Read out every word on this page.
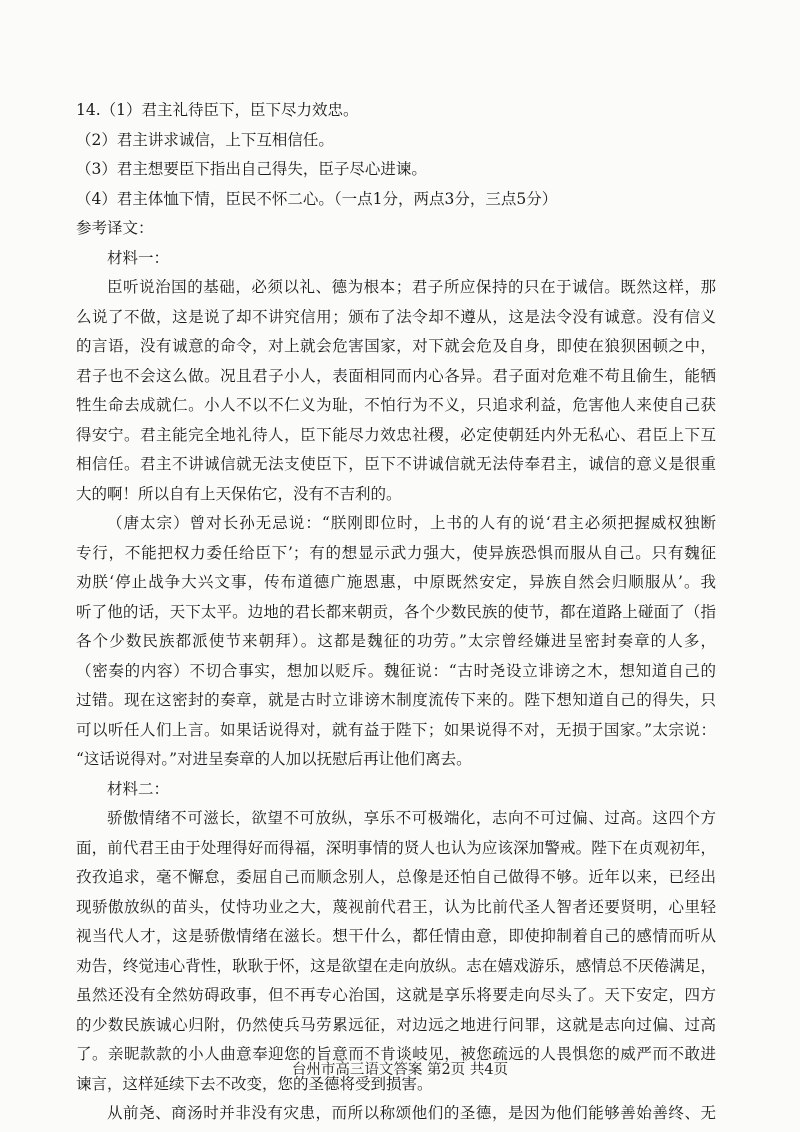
14.（1）君主礼待臣下，臣下尽力效忠。
（2）君主讲求诚信，上下互相信任。
（3）君主想要臣下指出自己得失，臣子尽心进谏。
（4）君主体恤下情，臣民不怀二心。（一点1分，两点3分，三点5分）
参考译文：
材料一：
臣听说治国的基础，必须以礼、德为根本；君子所应保持的只在于诚信。既然这样，那
么说了不做，这是说了却不讲究信用；颁布了法令却不遵从，这是法令没有诚意。没有信义
的言语，没有诚意的命令，对上就会危害国家，对下就会危及自身，即使在狼狈困顿之中，
君子也不会这么做。况且君子小人，表面相同而内心各异。君子面对危难不苟且偷生，能牺
牲生命去成就仁。小人不以不仁义为耻，不怕行为不义，只追求利益，危害他人来使自己获
得安宁。君主能完全地礼待人，臣下能尽力效忠社稷，必定使朝廷内外无私心、君臣上下互
相信任。君主不讲诚信就无法支使臣下，臣下不讲诚信就无法侍奉君主，诚信的意义是很重
大的啊！所以自有上天保佑它，没有不吉利的。
（唐太宗）曾对长孙无忌说：“朕刚即位时，上书的人有的说‘君主必须把握威权独断
专行，不能把权力委任给臣下’；有的想显示武力强大，使异族恐惧而服从自己。只有魏征
劝朕‘停止战争大兴文事，传布道德广施恩惠，中原既然安定，异族自然会归顺服从’。我
听了他的话，天下太平。边地的君长都来朝贡，各个少数民族的使节，都在道路上碰面了（指
各个少数民族都派使节来朝拜）。这都是魏征的功劳。”太宗曾经嫌进呈密封奏章的人多，
（密奏的内容）不切合事实，想加以贬斥。魏征说：“古时尧设立诽谤之木，想知道自己的
过错。现在这密封的奏章，就是古时立诽谤木制度流传下来的。陛下想知道自己的得失，只
可以听任人们上言。如果话说得对，就有益于陛下；如果说得不对，无损于国家。”太宗说：
“这话说得对。”对进呈奏章的人加以抚慰后再让他们离去。
材料二：
骄傲情绪不可滋长，欲望不可放纵，享乐不可极端化，志向不可过偏、过高。这四个方
面，前代君王由于处理得好而得福，深明事情的贤人也认为应该深加警戒。陛下在贞观初年，
孜孜追求，毫不懈怠，委屈自己而顺念别人，总像是还怕自己做得不够。近年以来，已经出
现骄傲放纵的苗头，仗恃功业之大，蔑视前代君王，认为比前代圣人智者还要贤明，心里轻
视当代人才，这是骄傲情绪在滋长。想干什么，都任情由意，即使抑制着自己的感情而听从
劝告，终觉违心背性，耿耿于怀，这是欲望在走向放纵。志在嬉戏游乐，感情总不厌倦满足，
虽然还没有全然妨碍政事，但不再专心治国，这就是享乐将要走向尽头了。天下安定，四方
的少数民族诚心归附，仍然使兵马劳累远征，对边远之地进行问罪，这就是志向过偏、过高
了。亲昵款款的小人曲意奉迎您的旨意而不肯谈岐见，被您疏远的人畏惧您的威严而不敢进
谏言，这样延续下去不改变，您的圣德将受到损害。
从前尧、商汤时并非没有灾患，而所以称颂他们的圣德，是因为他们能够善始善终、无
台州市高三语文答案 第2页 共4页
